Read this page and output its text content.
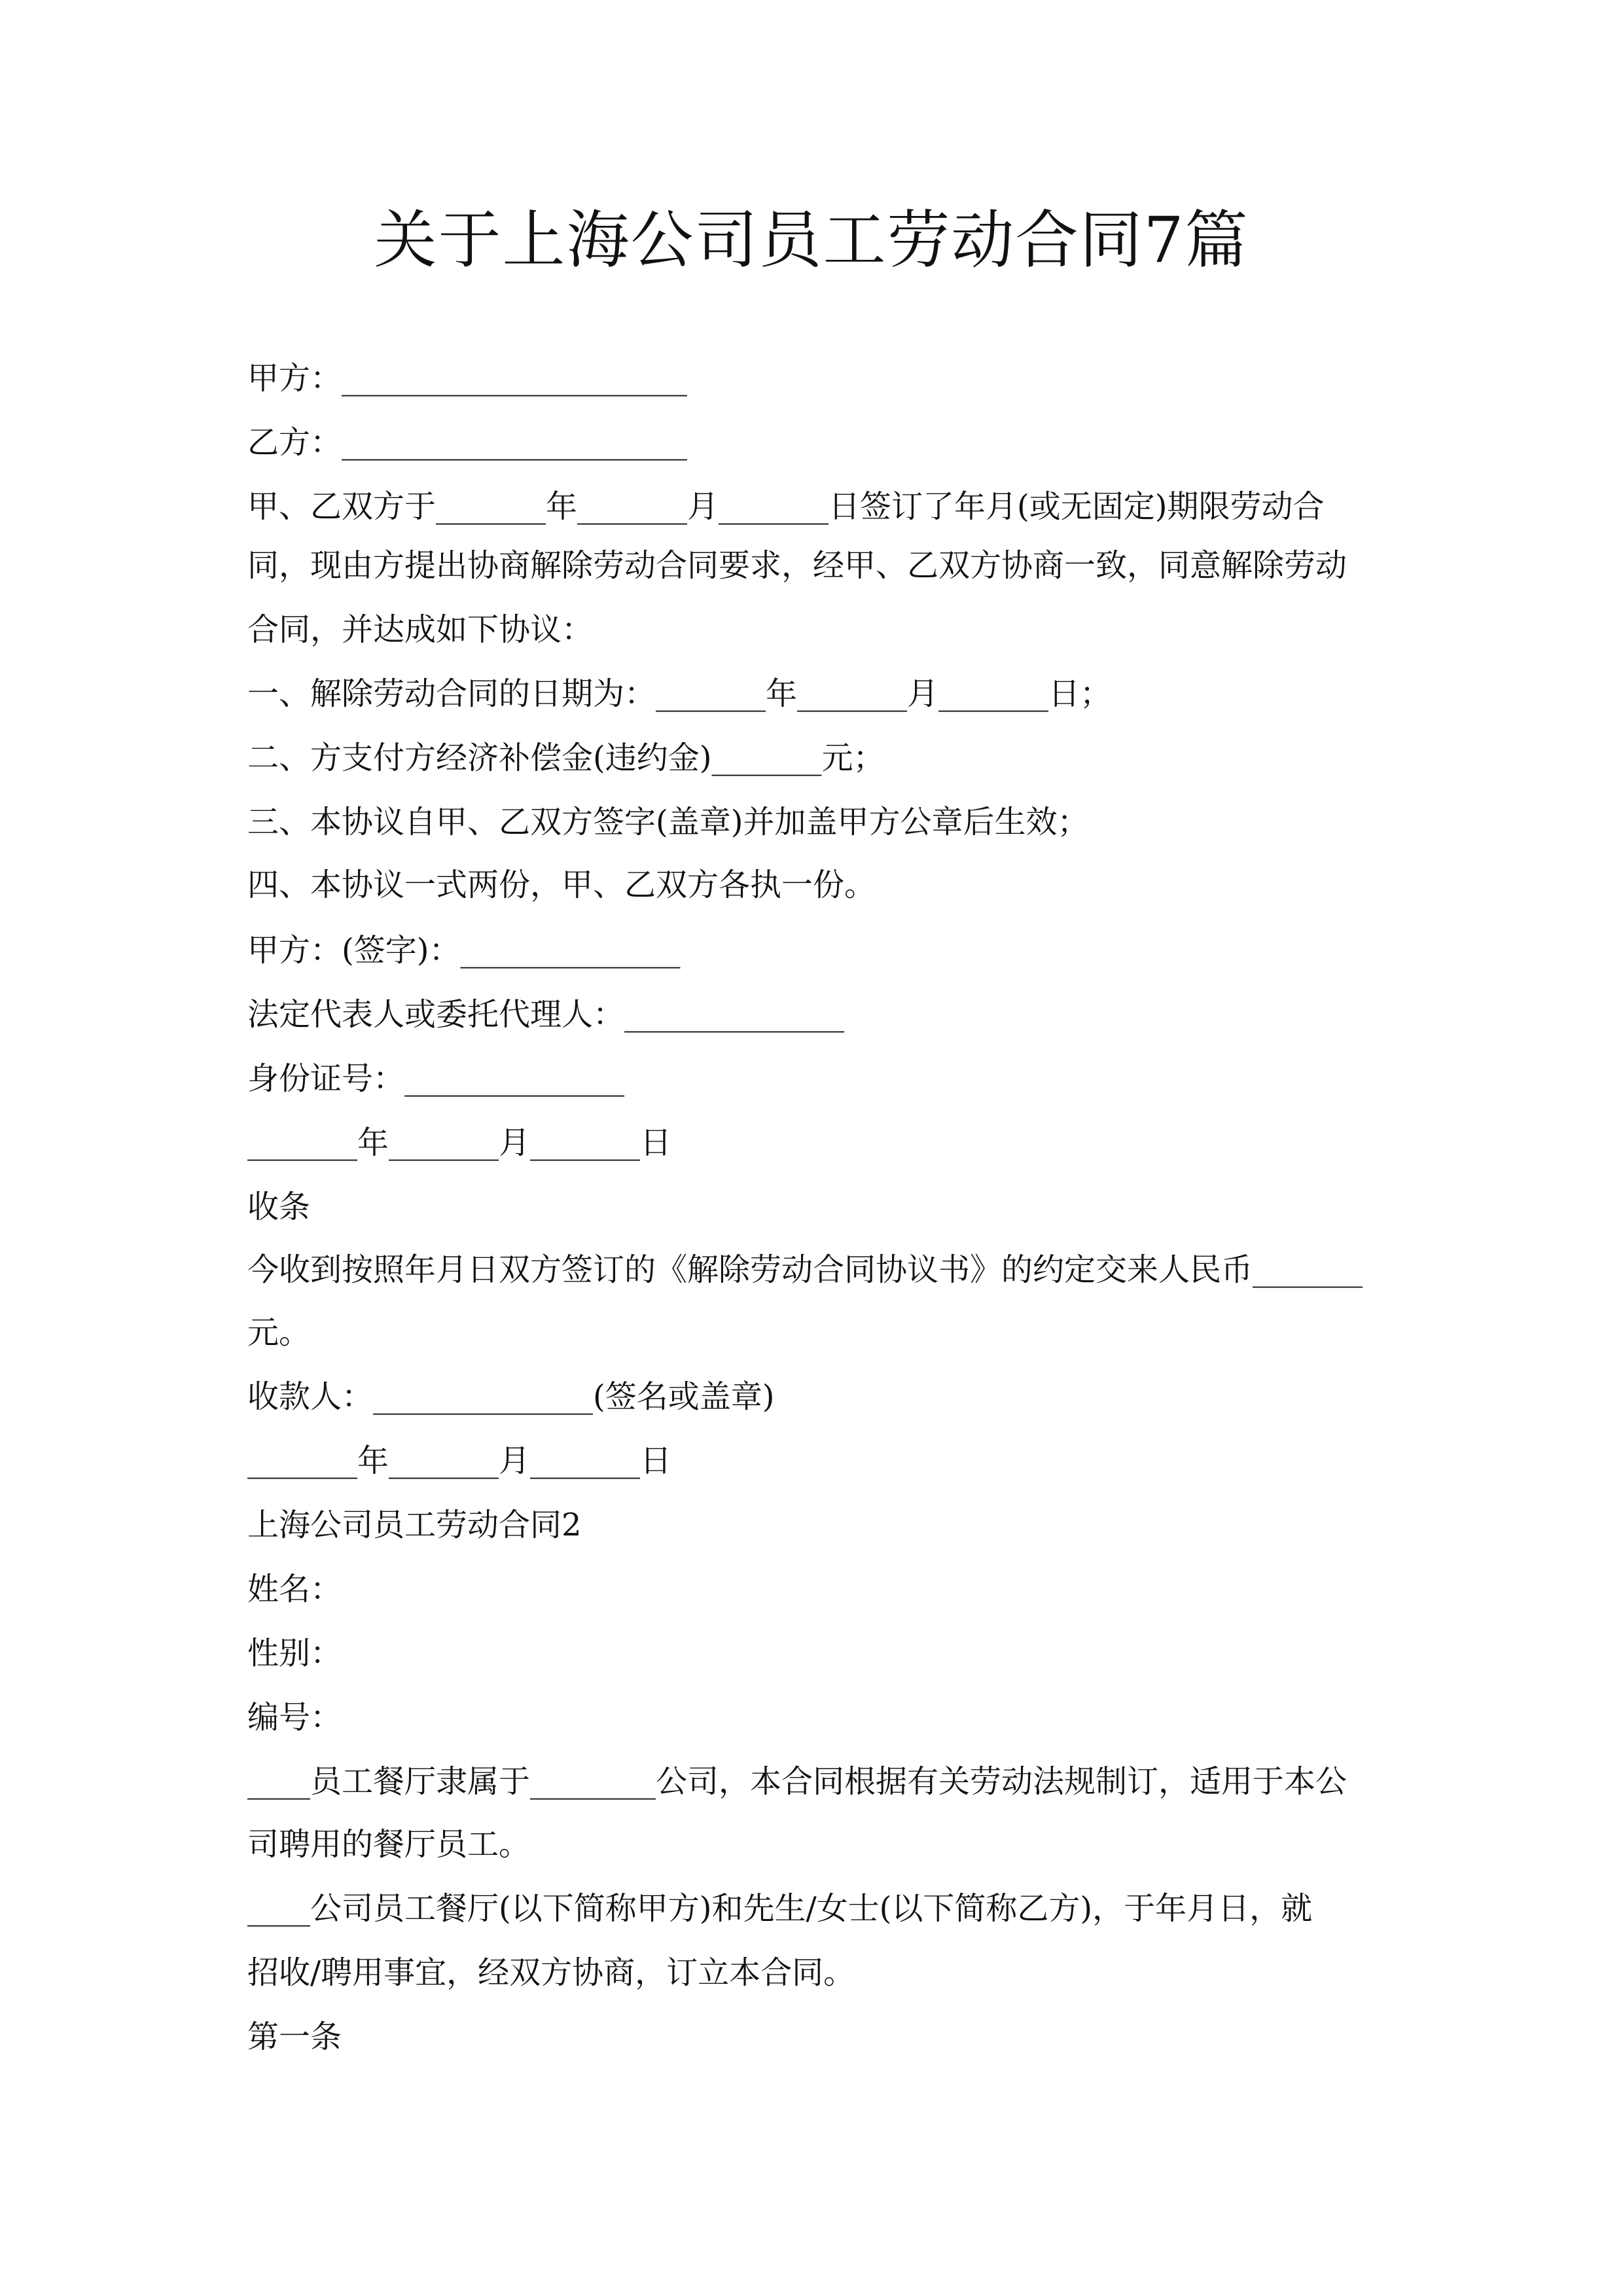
关于上海公司员工劳动合同7篇
甲方：______________________
乙方：______________________
甲、乙双方于_______年_______月_______日签订了年月(或无固定)期限劳动合
同，现由方提出协商解除劳动合同要求，经甲、乙双方协商一致，同意解除劳动
合同，并达成如下协议：
一、解除劳动合同的日期为：_______年_______月_______日；
二、方支付方经济补偿金(违约金)_______元；
三、本协议自甲、乙双方签字(盖章)并加盖甲方公章后生效；
四、本协议一式两份，甲、乙双方各执一份。
甲方：(签字)：______________
法定代表人或委托代理人：______________
身份证号：______________
_______年_______月_______日
收条
今收到按照年月日双方签订的《解除劳动合同协议书》的约定交来人民币_______
元。
收款人：______________(签名或盖章)
_______年_______月_______日
上海公司员工劳动合同2
姓名：
性别：
编号：
____员工餐厅隶属于________公司，本合同根据有关劳动法规制订，适用于本公
司聘用的餐厅员工。
____公司员工餐厅(以下简称甲方)和先生/女士(以下简称乙方)，于年月日，就
招收/聘用事宜，经双方协商，订立本合同。
第一条
